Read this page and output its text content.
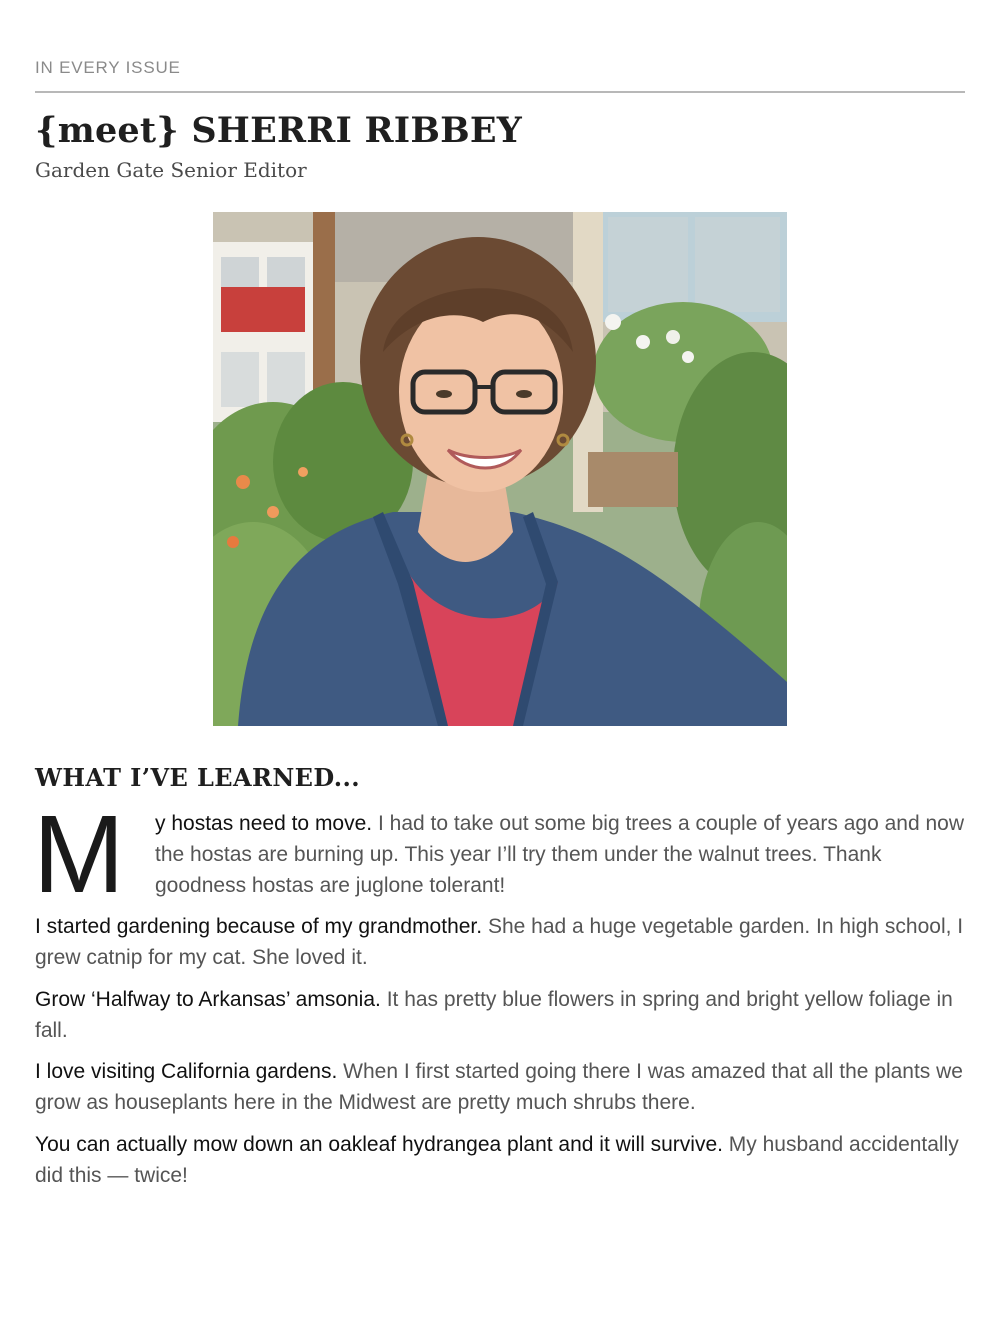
IN EVERY ISSUE
{meet} SHERRI RIBBEY
Garden Gate Senior Editor
WHAT I’VE LEARNED...
M y hostas need to move. I had to take out some big trees a couple of years ago and now the hostas are burning up. This year I’ll try them under the walnut trees. Thank goodness hostas are juglone tolerant!

I started gardening because of my grandmother. She had a huge vegetable garden. In high school, I grew catnip for my cat. She loved it.

Grow ‘Halfway to Arkansas’ amsonia. It has pretty blue flowers in spring and bright yellow foliage in fall.

I love visiting California gardens. When I first started going there I was amazed that all the plants we grow as houseplants here in the Midwest are pretty much shrubs there.

You can actually mow down an oakleaf hydrangea plant and it will survive. My husband accidentally did this — twice!
